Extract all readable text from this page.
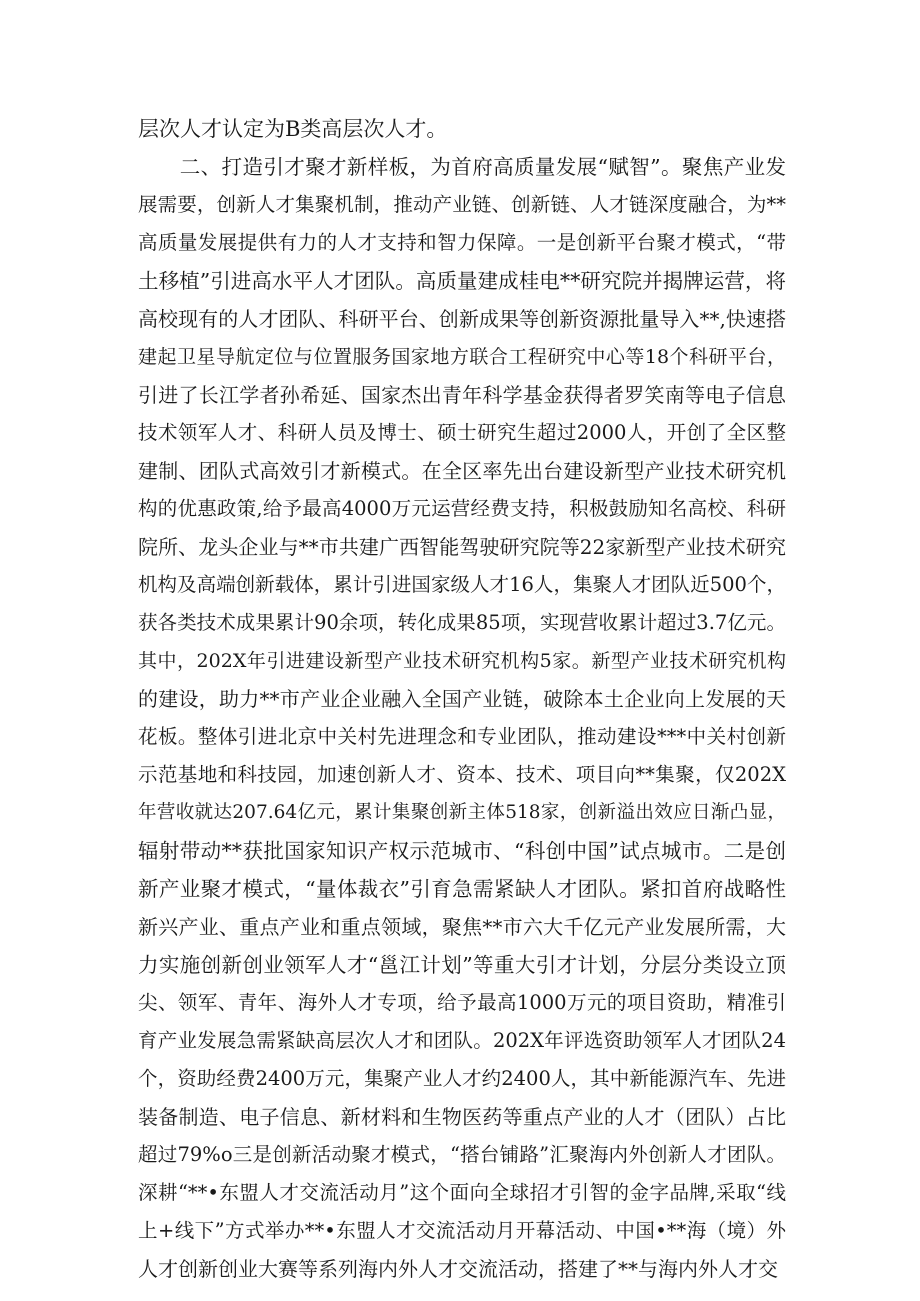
层次人才认定为B类高层次人才。
　　二、打造引才聚才新样板，为首府高质量发展“赋智”。聚焦产业发
展需要，创新人才集聚机制，推动产业链、创新链、人才链深度融合，为**
高质量发展提供有力的人才支持和智力保障。一是创新平台聚才模式，“带
土移植”引进高水平人才团队。高质量建成桂电**研究院并揭牌运营，将
高校现有的人才团队、科研平台、创新成果等创新资源批量导入**,快速搭
建起卫星导航定位与位置服务国家地方联合工程研究中心等18个科研平台，
引进了长江学者孙希延、国家杰出青年科学基金获得者罗笑南等电子信息
技术领军人才、科研人员及博士、硕士研究生超过2000人，开创了全区整
建制、团队式高效引才新模式。在全区率先出台建设新型产业技术研究机
构的优惠政策,给予最高4000万元运营经费支持，积极鼓励知名高校、科研
院所、龙头企业与**市共建广西智能驾驶研究院等22家新型产业技术研究
机构及高端创新载体，累计引进国家级人才16人，集聚人才团队近500个，
获各类技术成果累计90余项，转化成果85项，实现营收累计超过3.7亿元。
其中，202X年引进建设新型产业技术研究机构5家。新型产业技术研究机构
的建设，助力**市产业企业融入全国产业链，破除本土企业向上发展的天
花板。整体引进北京中关村先进理念和专业团队，推动建设***中关村创新
示范基地和科技园，加速创新人才、资本、技术、项目向**集聚，仅202X
年营收就达207.64亿元，累计集聚创新主体518家，创新溢出效应日渐凸显，
辐射带动**获批国家知识产权示范城市、“科创中国”试点城市。二是创
新产业聚才模式，“量体裁衣”引育急需紧缺人才团队。紧扣首府战略性
新兴产业、重点产业和重点领域，聚焦**市六大千亿元产业发展所需，大
力实施创新创业领军人才“邕江计划”等重大引才计划，分层分类设立顶
尖、领军、青年、海外人才专项，给予最高1000万元的项目资助，精准引
育产业发展急需紧缺高层次人才和团队。202X年评选资助领军人才团队24
个，资助经费2400万元，集聚产业人才约2400人，其中新能源汽车、先进
装备制造、电子信息、新材料和生物医药等重点产业的人才（团队）占比
超过79%o三是创新活动聚才模式，“搭台铺路”汇聚海内外创新人才团队。
深耕“**•东盟人才交流活动月”这个面向全球招才引智的金字品牌,采取“线
上+线下”方式举办**•东盟人才交流活动月开幕活动、中国•**海（境）外
人才创新创业大赛等系列海内外人才交流活动，搭建了**与海内外人才交
